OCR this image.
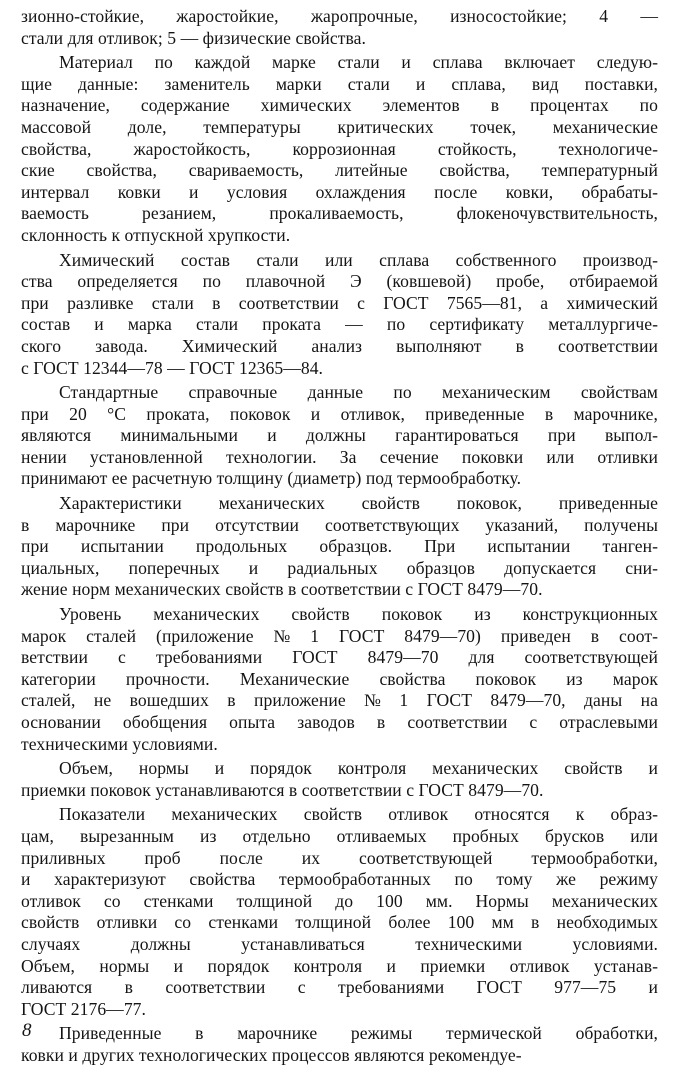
зионно-стойкие, жаростойкие, жаропрочные, износостойкие; 4 —
стали для отливок; 5 — физические свойства.
Материал по каждой марке стали и сплава включает следую-
щие данные: заменитель марки стали и сплава, вид поставки,
назначение, содержание химических элементов в процентах по
массовой доле, температуры критических точек, механические
свойства, жаростойкость, коррозионная стойкость, технологиче-
ские свойства, свариваемость, литейные свойства, температурный
интервал ковки и условия охлаждения после ковки, обрабаты-
ваемость резанием, прокаливаемость, флокеночувствительность,
склонность к отпускной хрупкости.
Химический состав стали или сплава собственного производ-
ства определяется по плавочной Э (ковшевой) пробе, отбираемой
при разливке стали в соответствии с ГОСТ 7565—81, а химический
состав и марка стали проката — по сертификату металлургиче-
ского завода. Химический анализ выполняют в соответствии
с ГОСТ 12344—78 — ГОСТ 12365—84.
Стандартные справочные данные по механическим свойствам
при 20 °С проката, поковок и отливок, приведенные в марочнике,
являются минимальными и должны гарантироваться при выпол-
нении установленной технологии. За сечение поковки или отливки
принимают ее расчетную толщину (диаметр) под термообработку.
Характеристики механических свойств поковок, приведенные
в марочнике при отсутствии соответствующих указаний, получены
при испытании продольных образцов. При испытании танген-
циальных, поперечных и радиальных образцов допускается сни-
жение норм механических свойств в соответствии с ГОСТ 8479—70.
Уровень механических свойств поковок из конструкционных
марок сталей (приложение № 1 ГОСТ 8479—70) приведен в соот-
ветствии с требованиями ГОСТ 8479—70 для соответствующей
категории прочности. Механические свойства поковок из марок
сталей, не вошедших в приложение № 1 ГОСТ 8479—70, даны на
основании обобщения опыта заводов в соответствии с отраслевыми
техническими условиями.
Объем, нормы и порядок контроля механических свойств и
приемки поковок устанавливаются в соответствии с ГОСТ 8479—70.
Показатели механических свойств отливок относятся к образ-
цам, вырезанным из отдельно отливаемых пробных брусков или
приливных проб после их соответствующей термообработки,
и характеризуют свойства термообработанных по тому же режиму
отливок со стенками толщиной до 100 мм. Нормы механических
свойств отливки со стенками толщиной более 100 мм в необходимых
случаях должны устанавливаться техническими условиями.
Объем, нормы и порядок контроля и приемки отливок устанав-
ливаются в соответствии с требованиями ГОСТ 977—75 и
ГОСТ 2176—77.
Приведенные в марочнике режимы термической обработки,
ковки и других технологических процессов являются рекомендуе-
8
